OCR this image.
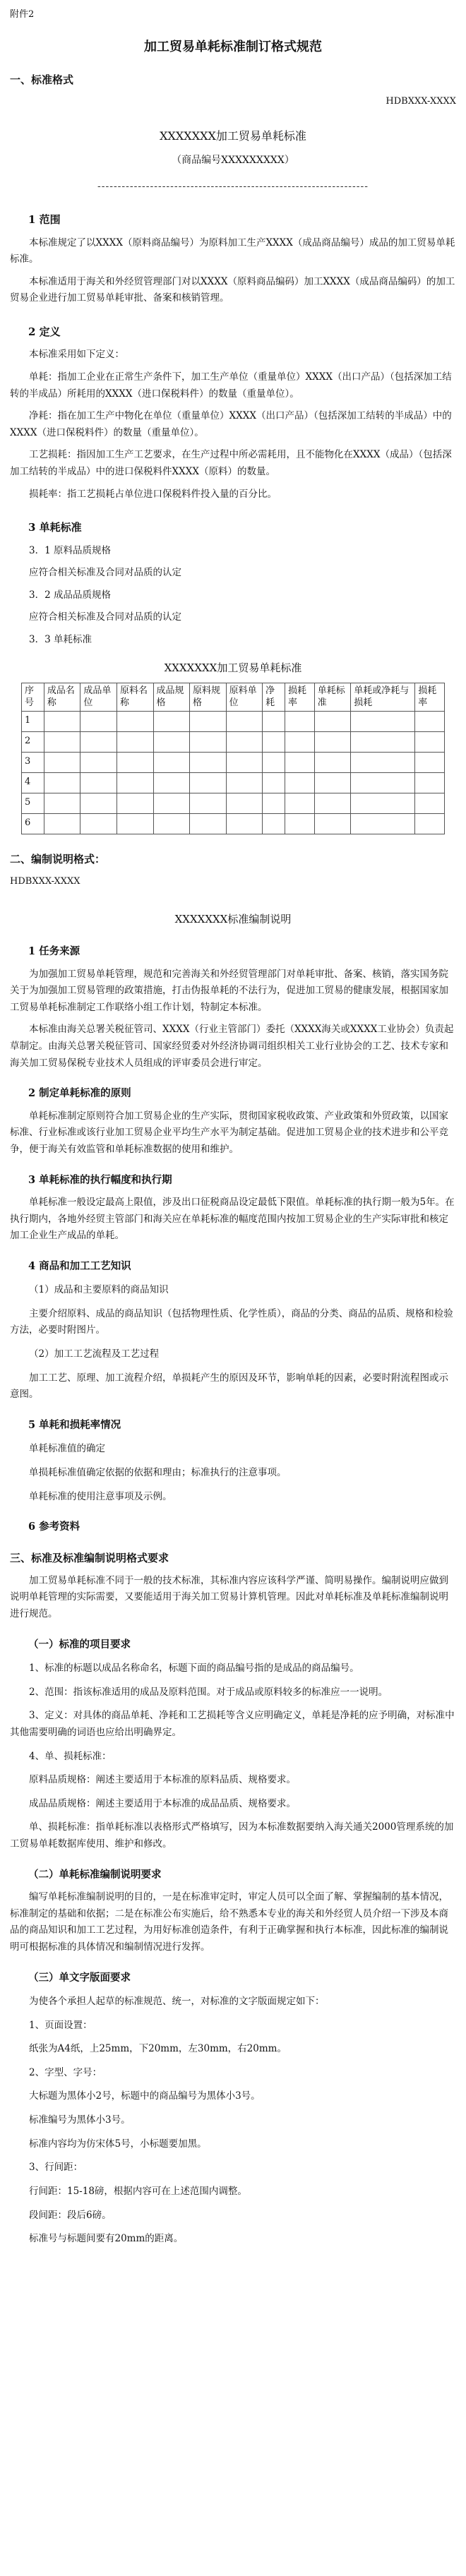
附件2
加工贸易单耗标准制订格式规范
一、标准格式
HDBXXX-XXXX
XXXXXXX加工贸易单耗标准
（商品编号XXXXXXXXX）
-------------------------------------------------------------------
1 范围
本标准规定了以XXXX（原料商品编号）为原料加工生产XXXX（成品商品编号）成品的加工贸易单耗标准。
本标准适用于海关和外经贸管理部门对以XXXX（原料商品编码）加工XXXX（成品商品编码）的加工贸易企业进行加工贸易单耗审批、备案和核销管理。
2 定义
本标准采用如下定义：
单耗：指加工企业在正常生产条件下，加工生产单位（重量单位）XXXX（出口产品）（包括深加工结转的半成品）所耗用的XXXX（进口保税料件）的数量（重量单位）。
净耗：指在加工生产中物化在单位（重量单位）XXXX（出口产品）（包括深加工结转的半成品）中的XXXX（进口保税料件）的数量（重量单位）。
工艺损耗：指因加工生产工艺要求，在生产过程中所必需耗用，且不能物化在XXXX（成品）（包括深加工结转的半成品）中的进口保税料件XXXX（原料）的数量。
损耗率：指工艺损耗占单位进口保税料件投入量的百分比。
3 单耗标准
3．1 原料品质规格
应符合相关标准及合同对品质的认定
3．2 成品品质规格
应符合相关标准及合同对品质的认定
3．3 单耗标准
XXXXXXX加工贸易单耗标准
序号	成品名称	成品单位	原料名称	成品规格	原料规格	原料单位	净耗	损耗率	单耗标准	单耗或净耗与损耗	损耗率
1											
2											
3											
4											
5											
6											
二、编制说明格式：
HDBXXX-XXXX
XXXXXXX标准编制说明
1 任务来源
为加强加工贸易单耗管理，规范和完善海关和外经贸管理部门对单耗审批、备案、核销，落实国务院关于为加强加工贸易管理的政策措施，打击伪报单耗的不法行为，促进加工贸易的健康发展，根据国家加工贸易单耗标准制定工作联络小组工作计划，特制定本标准。
本标准由海关总署关税征管司、XXXX（行业主管部门）委托（XXXX海关或XXXX工业协会）负责起草制定。由海关总署关税征管司、国家经贸委对外经济协调司组织相关工业行业协会的工艺、技术专家和海关加工贸易保税专业技术人员组成的评审委员会进行审定。
2 制定单耗标准的原则
单耗标准制定原则符合加工贸易企业的生产实际，贯彻国家税收政策、产业政策和外贸政策，以国家标准、行业标准或该行业加工贸易企业平均生产水平为制定基础。促进加工贸易企业的技术进步和公平竞争，便于海关有效监管和单耗标准数据的使用和维护。
3 单耗标准的执行幅度和执行期
单耗标准一般设定最高上限值，涉及出口征税商品设定最低下限值。单耗标准的执行期一般为5年。在执行期内，各地外经贸主管部门和海关应在单耗标准的幅度范围内按加工贸易企业的生产实际审批和核定加工企业生产成品的单耗。
4 商品和加工工艺知识
（1）成品和主要原料的商品知识
主要介绍原料、成品的商品知识（包括物理性质、化学性质），商品的分类、商品的品质、规格和检验方法，必要时附图片。
（2）加工工艺流程及工艺过程
加工工艺、原理、加工流程介绍，单损耗产生的原因及环节，影响单耗的因素，必要时附流程图或示意图。
5 单耗和损耗率情况
单耗标准值的确定
单损耗标准值确定依据的依据和理由；标准执行的注意事项。
单耗标准的使用注意事项及示例。
6 参考资料
三、标准及标准编制说明格式要求
加工贸易单耗标准不同于一般的技术标准，其标准内容应该科学严谨、简明易操作。编制说明应做到说明单耗管理的实际需要，又要能适用于海关加工贸易计算机管理。因此对单耗标准及单耗标准编制说明进行规范。
（一）标准的项目要求
1、标准的标题以成品名称命名，标题下面的商品编号指的是成品的商品编号。
2、范围：指该标准适用的成品及原料范围。对于成品或原料较多的标准应一一说明。
3、定义：对具体的商品单耗、净耗和工艺损耗等含义应明确定义，单耗是净耗的应予明确，对标准中其他需要明确的词语也应给出明确界定。
4、单、损耗标准：
原料品质规格：阐述主要适用于本标准的原料品质、规格要求。
成品品质规格：阐述主要适用于本标准的成品品质、规格要求。
单、损耗标准：指单耗标准以表格形式严格填写，因为本标准数据要纳入海关通关2000管理系统的加工贸易单耗数据库使用、维护和修改。
（二）单耗标准编制说明要求
编写单耗标准编制说明的目的，一是在标准审定时，审定人员可以全面了解、掌握编制的基本情况，标准制定的基础和依据；二是在标准公布实施后，给不熟悉本专业的海关和外经贸人员介绍一下涉及本商品的商品知识和加工工艺过程，为用好标准创造条件，有利于正确掌握和执行本标准，因此标准的编制说明可根据标准的具体情况和编制情况进行发挥。
（三）单文字版面要求
为使各个承担人起草的标准规范、统一，对标准的文字版面规定如下：
1、页面设置：
纸张为A4纸，上25mm，下20mm，左30mm，右20mm。
2、字型、字号：
大标题为黑体小2号，标题中的商品编号为黑体小3号。
标准编号为黑体小3号。
标准内容均为仿宋体5号，小标题要加黑。
3、行间距：
行间距：15-18磅，根据内容可在上述范围内调整。
段间距：段后6磅。
标准号与标题间要有20mm的距离。
